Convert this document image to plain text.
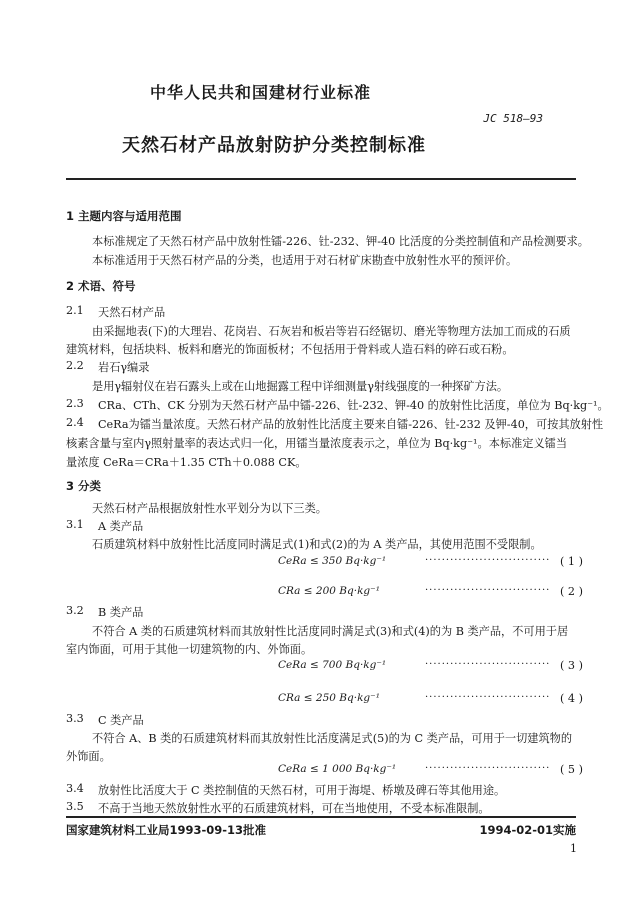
中华人民共和国建材行业标准
JC 518—93
天然石材产品放射防护分类控制标准
1 主题内容与适用范围
本标准规定了天然石材产品中放射性镭-226、钍-232、钾-40 比活度的分类控制值和产品检测要求。
本标准适用于天然石材产品的分类，也适用于对石材矿床勘查中放射性水平的预评价。
2 术语、符号
2.1 天然石材产品
由采掘地表(下)的大理岩、花岗岩、石灰岩和板岩等岩石经锯切、磨光等物理方法加工而成的石质
建筑材料，包括块料、板料和磨光的饰面板材；不包括用于骨料或人造石料的碎石或石粉。
2.2 岩石γ编录
是用γ辐射仪在岩石露头上或在山地掘露工程中详细测量γ射线强度的一种探矿方法。
2.3 CRa、CTh、CK 分别为天然石材产品中镭-226、钍-232、钾-40 的放射性比活度，单位为 Bq·kg⁻¹。
2.4 CeRa为镭当量浓度。天然石材产品的放射性比活度主要来自镭-226、钍-232 及钾-40，可按其放射性
核素含量与室内γ照射量率的表达式归一化，用镭当量浓度表示之，单位为 Bq·kg⁻¹。本标准定义镭当
量浓度 CeRa＝CRa＋1.35 CTh＋0.088 CK。
3 分类
天然石材产品根据放射性水平划分为以下三类。
3.1 A 类产品
石质建筑材料中放射性比活度同时满足式(1)和式(2)的为 A 类产品，其使用范围不受限制。
CeRa ≤ 350 Bq·kg⁻¹	······························ ( 1 )
CRa ≤ 200 Bq·kg⁻¹	······························ ( 2 )
3.2 B 类产品
不符合 A 类的石质建筑材料而其放射性比活度同时满足式(3)和式(4)的为 B 类产品，不可用于居
室内饰面，可用于其他一切建筑物的内、外饰面。
CeRa ≤ 700 Bq·kg⁻¹	······························ ( 3 )
CRa ≤ 250 Bq·kg⁻¹	······························ ( 4 )
3.3 C 类产品
不符合 A、B 类的石质建筑材料而其放射性比活度满足式(5)的为 C 类产品，可用于一切建筑物的
外饰面。
CeRa ≤ 1 000 Bq·kg⁻¹	······························ ( 5 )
3.4 放射性比活度大于 C 类控制值的天然石材，可用于海堤、桥墩及碑石等其他用途。
3.5 不高于当地天然放射性水平的石质建筑材料，可在当地使用，不受本标准限制。
国家建筑材料工业局1993-09-13批准	1994-02-01实施
1
